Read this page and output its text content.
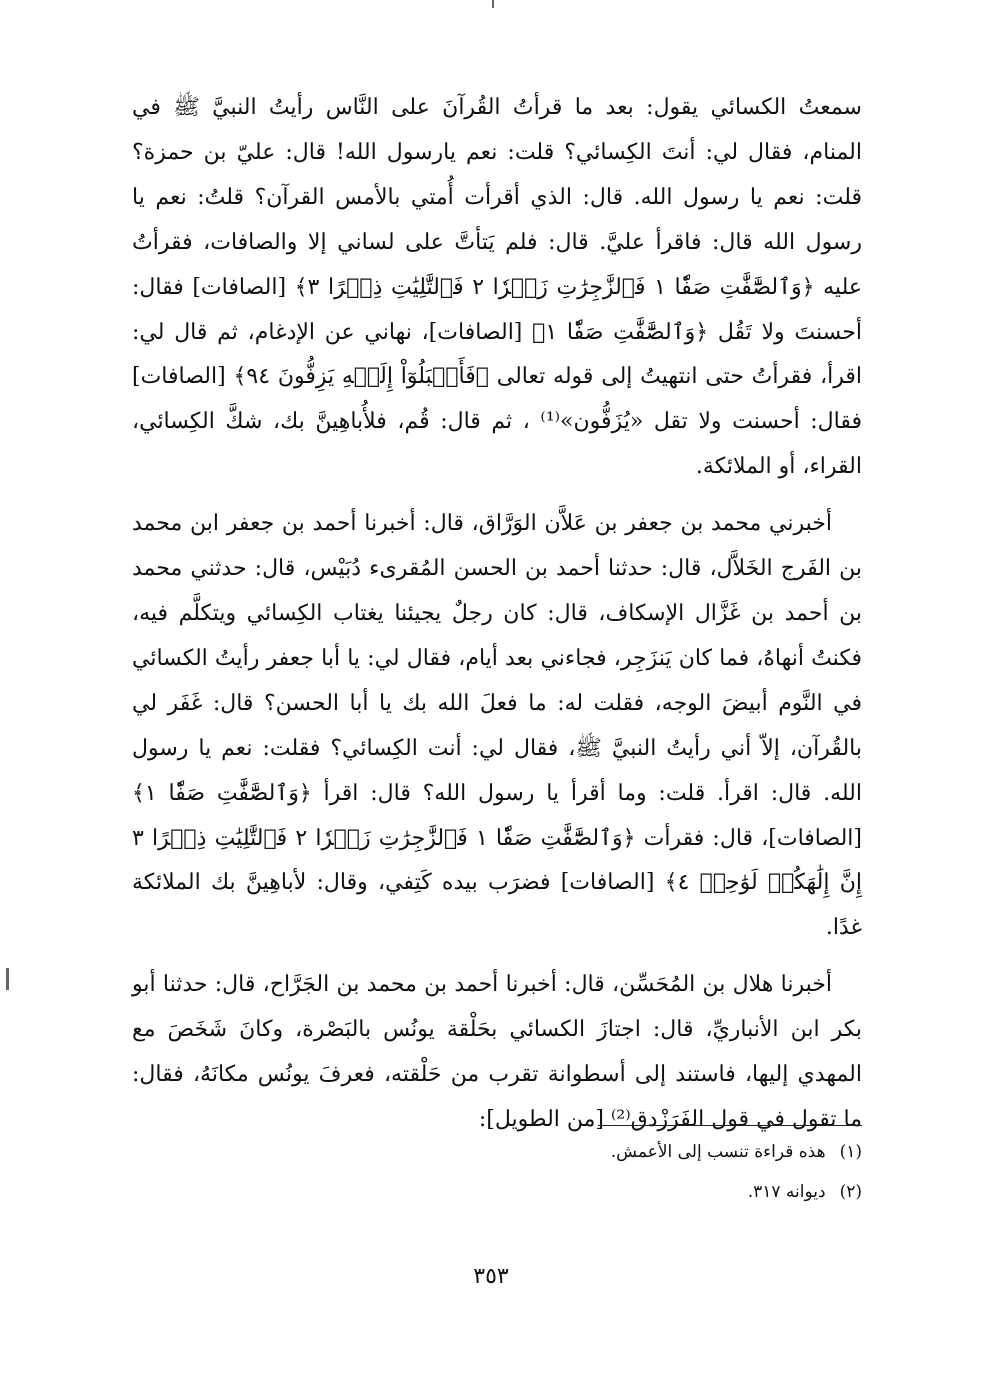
سمعتُ الكسائي يقول: بعد ما قرأتُ القُرآنَ على النَّاس رأيتُ النبيَّ ﷺ في المنام، فقال لي: أنتَ الكِسائي؟ قلت: نعم يارسول الله! قال: عليّ بن حمزة؟ قلت: نعم يا رسول الله. قال: الذي أقرأت أُمتي بالأمس القرآن؟ قلتُ: نعم يا رسول الله قال: فاقرأ عليَّ. قال: فلم يَتأتَّ على لساني إلا والصافات، فقرأتُ عليه ﴿وَٱلصَّٰٓفَّٰتِ صَفّٗا ١ فَٱلزَّٰجِرَٰتِ زَجۡرٗا ٢ فَٱلتَّٰلِيَٰتِ ذِكۡرًا ٣﴾ [الصافات] فقال: أحسنتَ ولا تَقُل ﴿وَٱلصَّٰٓفَّٰتِ صَفّٗا ١﴾ [الصافات]، نهاني عن الإدغام، ثم قال لي: اقرأ، فقرأتُ حتى انتهيتُ إلى قوله تعالى ﴿فَأَقۡبَلُوٓاْ إِلَيۡهِ يَزِفُّونَ ٩٤﴾ [الصافات] فقال: أحسنت ولا تقل «يُزَفُّون»⁽¹⁾ ، ثم قال: قُم، فلأُباهِينَّ بك، شكَّ الكِسائي، القراء، أو الملائكة.

أخبرني محمد بن جعفر بن عَلاَّن الوَرَّاق، قال: أخبرنا أحمد بن جعفر ابن محمد بن الفَرج الخَلاَّل، قال: حدثنا أحمد بن الحسن المُقرىء دُبَيْس، قال: حدثني محمد بن أحمد بن غَزَّال الإسكاف، قال: كان رجلٌ يجيئنا يغتاب الكِسائي ويتكلَّم فيه، فكنتُ أنهاهُ، فما كان يَنزَجِر، فجاءني بعد أيام، فقال لي: يا أبا جعفر رأيتُ الكسائي في النَّوم أبيضَ الوجه، فقلت له: ما فعلَ الله بك يا أبا الحسن؟ قال: غَفَر لي بالقُرآن، إلاّ أني رأيتُ النبيَّ ﷺ، فقال لي: أنت الكِسائي؟ فقلت: نعم يا رسول الله. قال: اقرأ. قلت: وما أقرأ يا رسول الله؟ قال: اقرأ ﴿وَٱلصَّٰٓفَّٰتِ صَفّٗا ١﴾ [الصافات]، قال: فقرأت ﴿وَٱلصَّٰٓفَّٰتِ صَفّٗا ١ فَٱلزَّٰجِرَٰتِ زَجۡرٗا ٢ فَٱلتَّٰلِيَٰتِ ذِكۡرًا ٣ إِنَّ إِلَٰهَكُمۡ لَوَٰحِدٞ ٤﴾ [الصافات] فضرَب بيده كَتِفي، وقال: لأباهِينَّ بك الملائكة غدًا.

أخبرنا هلال بن المُحَسِّن، قال: أخبرنا أحمد بن محمد بن الجَرَّاح، قال: حدثنا أبو بكر ابن الأنباريِّ، قال: اجتازَ الكسائي بحَلْقة يونُس بالبَصْرة، وكانَ شَخَصَ مع المهدي إليها، فاستند إلى أسطوانة تقرب من حَلْقته، فعرفَ يونُس مكانَهُ، فقال: ما تقول في قول الفَرَزْدق⁽²⁾ [من الطويل]:

(١)هذه قراءة تنسب إلى الأعمش.

(٢)ديوانه ٣١٧.

٣٥٣
